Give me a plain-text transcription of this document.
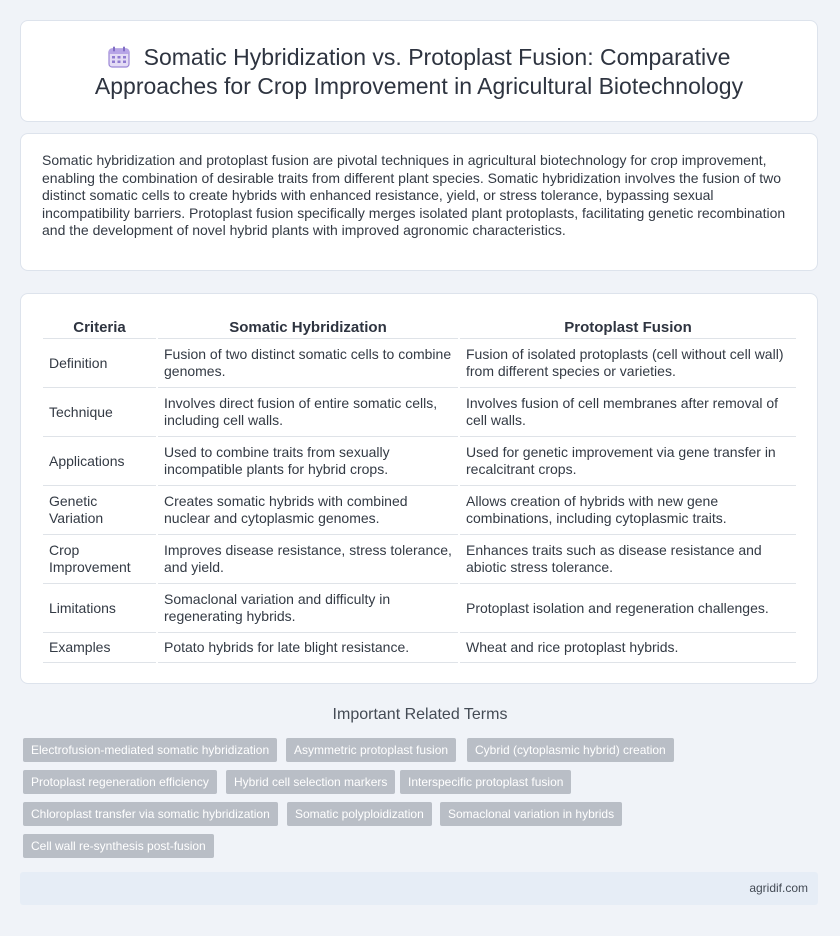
Somatic Hybridization vs. Protoplast Fusion: Comparative Approaches for Crop Improvement in Agricultural Biotechnology
Somatic hybridization and protoplast fusion are pivotal techniques in agricultural biotechnology for crop improvement, enabling the combination of desirable traits from different plant species. Somatic hybridization involves the fusion of two distinct somatic cells to create hybrids with enhanced resistance, yield, or stress tolerance, bypassing sexual incompatibility barriers. Protoplast fusion specifically merges isolated plant protoplasts, facilitating genetic recombination and the development of novel hybrid plants with improved agronomic characteristics.
Criteria	Somatic Hybridization	Protoplast Fusion
Definition	Fusion of two distinct somatic cells to combine genomes.	Fusion of isolated protoplasts (cell without cell wall) from different species or varieties.
Technique	Involves direct fusion of entire somatic cells, including cell walls.	Involves fusion of cell membranes after removal of cell walls.
Applications	Used to combine traits from sexually incompatible plants for hybrid crops.	Used for genetic improvement via gene transfer in recalcitrant crops.
Genetic Variation	Creates somatic hybrids with combined nuclear and cytoplasmic genomes.	Allows creation of hybrids with new gene combinations, including cytoplasmic traits.
Crop Improvement	Improves disease resistance, stress tolerance, and yield.	Enhances traits such as disease resistance and abiotic stress tolerance.
Limitations	Somaclonal variation and difficulty in regenerating hybrids.	Protoplast isolation and regeneration challenges.
Examples	Potato hybrids for late blight resistance.	Wheat and rice protoplast hybrids.
Important Related Terms
Electrofusion-mediated somatic hybridization	Asymmetric protoplast fusion	Cybrid (cytoplasmic hybrid) creation
Protoplast regeneration efficiency	Hybrid cell selection markers	Interspecific protoplast fusion
Chloroplast transfer via somatic hybridization	Somatic polyploidization	Somaclonal variation in hybrids
Cell wall re-synthesis post-fusion
agridif.com
